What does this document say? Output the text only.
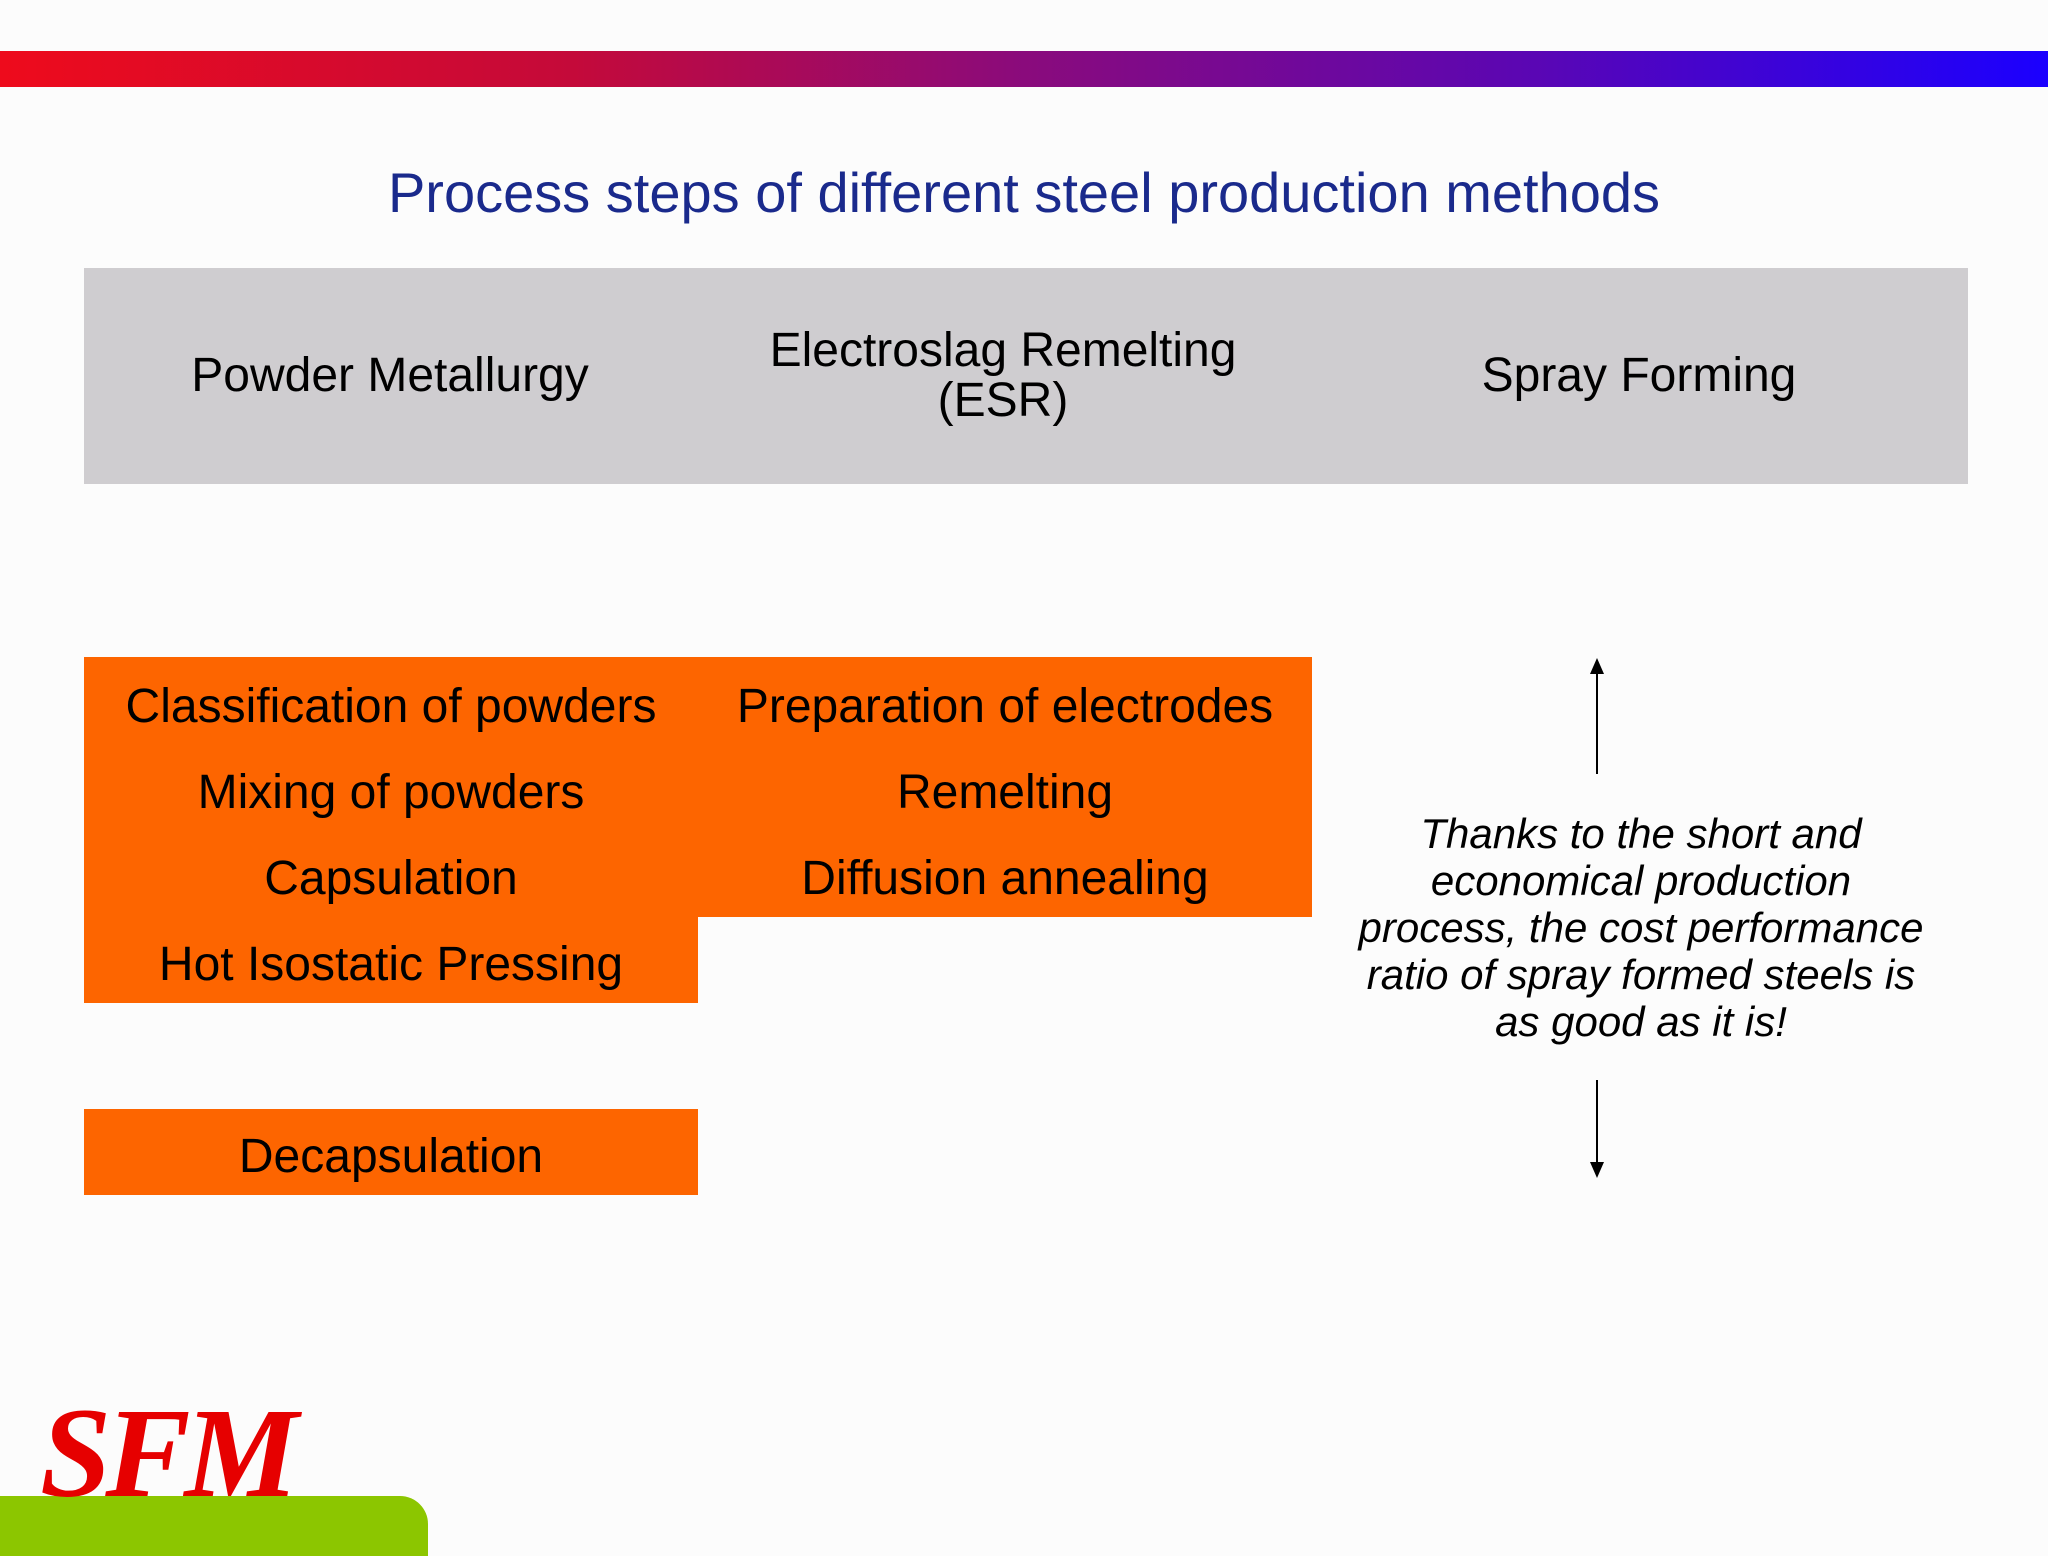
Process steps of different steel production methods
Powder Metallurgy	Electroslag Remelting
(ESR)	Spray Forming
Classification of powders
Mixing of powders
Capsulation
Hot Isostatic Pressing
Decapsulation
Preparation of electrodes
Remelting
Diffusion annealing
Thanks to the short and
economical production
process, the cost performance
ratio of spray formed steels is
as good as it is!
SFM
